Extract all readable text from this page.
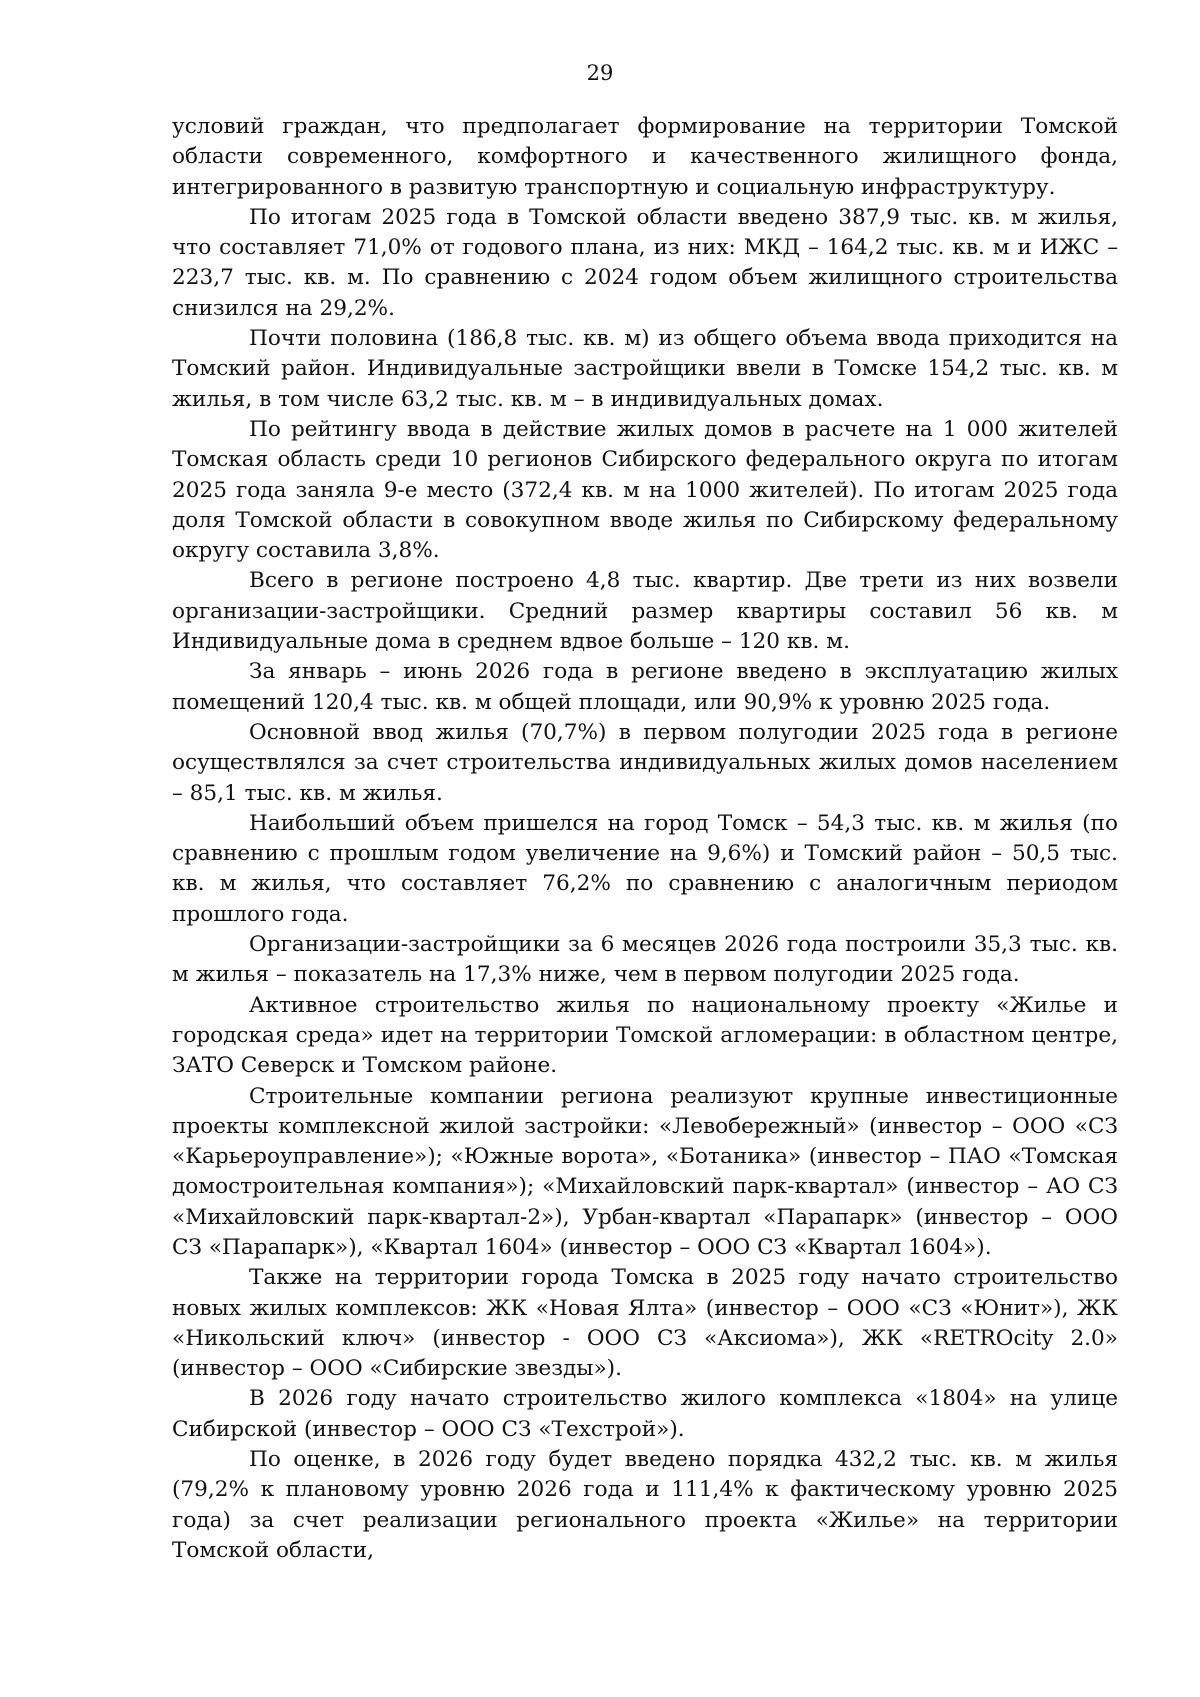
29

условий граждан, что предполагает формирование на территории Томской области современного, комфортного и качественного жилищного фонда, интегрированного в развитую транспортную и социальную инфраструктуру.

По итогам 2025 года в Томской области введено 387,9 тыс. кв. м жилья, что составляет 71,0% от годового плана, из них: МКД – 164,2 тыс. кв. м и ИЖС – 223,7 тыс. кв. м. По сравнению с 2024 годом объем жилищного строительства снизился на 29,2%.

Почти половина (186,8 тыс. кв. м) из общего объема ввода приходится на Томский район. Индивидуальные застройщики ввели в Томске 154,2 тыс. кв. м жилья, в том числе 63,2 тыс. кв. м – в индивидуальных домах.

По рейтингу ввода в действие жилых домов в расчете на 1 000 жителей Томская область среди 10 регионов Сибирского федерального округа по итогам 2025 года заняла 9-е место (372,4 кв. м на 1000 жителей). По итогам 2025 года доля Томской области в совокупном вводе жилья по Сибирскому федеральному округу составила 3,8%.

Всего в регионе построено 4,8 тыс. квартир. Две трети из них возвели организации-застройщики. Средний размер квартиры составил 56 кв. м Индивидуальные дома в среднем вдвое больше – 120 кв. м.

За январь – июнь 2026 года в регионе введено в эксплуатацию жилых помещений 120,4 тыс. кв. м общей площади, или 90,9% к уровню 2025 года.

Основной ввод жилья (70,7%) в первом полугодии 2025 года в регионе осуществлялся за счет строительства индивидуальных жилых домов населением – 85,1 тыс. кв. м жилья.

Наибольший объем пришелся на город Томск – 54,3 тыс. кв. м жилья (по сравнению с прошлым годом увеличение на 9,6%) и Томский район – 50,5 тыс. кв. м жилья, что составляет 76,2% по сравнению с аналогичным периодом прошлого года.

Организации-застройщики за 6 месяцев 2026 года построили 35,3 тыс. кв. м жилья – показатель на 17,3% ниже, чем в первом полугодии 2025 года.

Активное строительство жилья по национальному проекту «Жилье и городская среда» идет на территории Томской агломерации: в областном центре, ЗАТО Северск и Томском районе.

Строительные компании региона реализуют крупные инвестиционные проекты комплексной жилой застройки: «Левобережный» (инвестор – ООО «СЗ «Карьероуправление»); «Южные ворота», «Ботаника» (инвестор – ПАО «Томская домостроительная компания»); «Михайловский парк-квартал» (инвестор – АО СЗ «Михайловский парк-квартал-2»), Урбан-квартал «Парапарк» (инвестор – ООО СЗ «Парапарк»), «Квартал 1604» (инвестор – ООО СЗ «Квартал 1604»).

Также на территории города Томска в 2025 году начато строительство новых жилых комплексов: ЖК «Новая Ялта» (инвестор – ООО «СЗ «Юнит»), ЖК «Никольский ключ» (инвестор - ООО СЗ «Аксиома»), ЖК «RETROcity 2.0» (инвестор – ООО «Сибирские звезды»).

В 2026 году начато строительство жилого комплекса «1804» на улице Сибирской (инвестор – ООО СЗ «Техстрой»).

По оценке, в 2026 году будет введено порядка 432,2 тыс. кв. м жилья (79,2% к плановому уровню 2026 года и 111,4% к фактическому уровню 2025 года) за счет реализации регионального проекта «Жилье» на территории Томской области,
